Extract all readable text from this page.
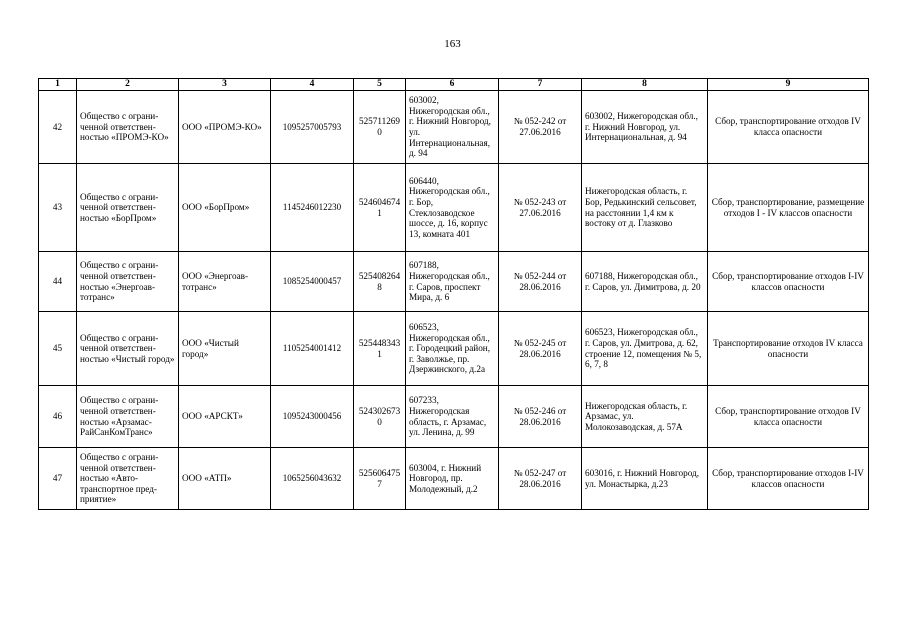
163
1	2	3	4	5	6	7	8	9
42	Общество с ограни-ченной ответствен-ностью «ПРОМЭ-КО»	ООО «ПРОМЭ-КО»	1095257005793	5257112690	603002, Нижегородская обл., г. Нижний Новгород, ул. Интернациональная, д. 94	№ 052-242 от 27.06.2016	603002, Нижегородская обл., г. Нижний Новгород, ул. Интернациональная, д. 94	Сбор, транспортирование отходов IV класса опасности
43	Общество с ограни-ченной ответствен-ностью «БорПром»	ООО «БорПром»	1145246012230	5246046741	606440, Нижегородская обл., г. Бор, Стеклозаводское шоссе, д. 16, корпус 13, комната 401	№ 052-243 от 27.06.2016	Нижегородская область, г. Бор, Редькинский сельсовет, на расстоянии 1,4 км к востоку от д. Глазково	Сбор, транспортирование, размещение отходов I - IV классов опасности
44	Общество с ограни-ченной ответствен-ностью «Энергоав-тотранс»	ООО «Энергоав-тотранс»	1085254000457	5254082648	607188, Нижегородская обл., г. Саров, проспект Мира, д. 6	№ 052-244 от 28.06.2016	607188, Нижегородская обл., г. Саров, ул. Димитрова, д. 20	Сбор, транспортирование отходов I-IV классов опасности
45	Общество с ограни-ченной ответствен-ностью «Чистый город»	ООО «Чистый город»	1105254001412	5254483431	606523, Нижегородская обл., г. Городецкий район, г. Заволжье, пр. Дзержинского, д.2а	№ 052-245 от 28.06.2016	606523, Нижегородская обл., г. Саров, ул. Дмитрова, д. 62, строение 12, помещения № 5, 6, 7, 8	Транспортирование отходов IV класса опасности
46	Общество с ограни-ченной ответствен-ностью «Арзамас-РайСанКомТранс»	ООО «АРСКТ»	1095243000456	5243026730	607233, Нижегородская область, г. Арзамас, ул. Ленина, д. 99	№ 052-246 от 28.06.2016	Нижегородская область, г. Арзамас, ул. Молокозаводская, д. 57А	Сбор, транспортирование отходов IV класса опасности
47	Общество с ограни-ченной ответствен-ностью «Авто-транспортное пред-приятие»	ООО «АТП»	1065256043632	5256064757	603004, г. Нижний Новгород, пр. Молодежный, д.2	№ 052-247 от 28.06.2016	603016, г. Нижний Новгород, ул. Монастырка, д.23	Сбор, транспортирование отходов I-IV классов опасности
